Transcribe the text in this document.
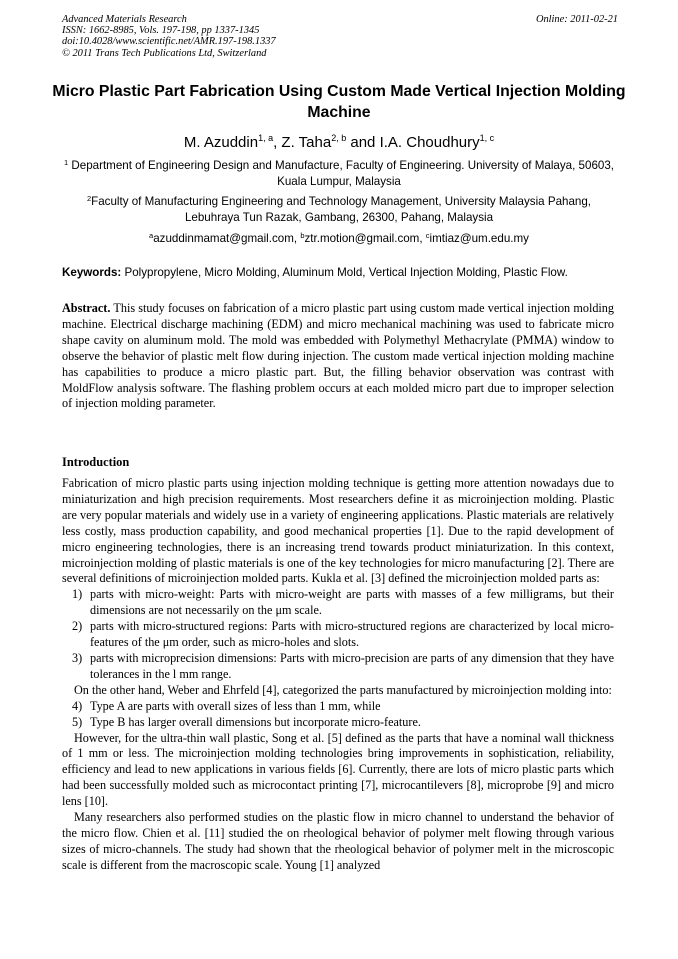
Advanced Materials Research	Online: 2011-02-21
ISSN: 1662-8985, Vols. 197-198, pp 1337-1345
doi:10.4028/www.scientific.net/AMR.197-198.1337
© 2011 Trans Tech Publications Ltd, Switzerland
Micro Plastic Part Fabrication Using Custom Made Vertical Injection Molding Machine
M. Azuddin$^{1, a}$, Z. Taha$^{2, b}$ and I.A. Choudhury$^{1, c}$
$^1$ Department of Engineering Design and Manufacture, Faculty of Engineering. University of Malaya, 50603, Kuala Lumpur, Malaysia
$^2$Faculty of Manufacturing Engineering and Technology Management, University Malaysia Pahang, Lebuhraya Tun Razak, Gambang, 26300, Pahang, Malaysia
$^a$azuddinmamat@gmail.com, $^b$ztr.motion@gmail.com, $^c$imtiaz@um.edu.my
Keywords: Polypropylene, Micro Molding, Aluminum Mold, Vertical Injection Molding, Plastic Flow.
Abstract. This study focuses on fabrication of a micro plastic part using custom made vertical injection molding machine. Electrical discharge machining (EDM) and micro mechanical machining was used to fabricate micro shape cavity on aluminum mold. The mold was embedded with Polymethyl Methacrylate (PMMA) window to observe the behavior of plastic melt flow during injection. The custom made vertical injection molding machine has capabilities to produce a micro plastic part. But, the filling behavior observation was contrast with MoldFlow analysis software. The flashing problem occurs at each molded micro part due to improper selection of injection molding parameter.
Introduction

Fabrication of micro plastic parts using injection molding technique is getting more attention nowadays due to miniaturization and high precision requirements. Most researchers define it as microinjection molding. Plastic are very popular materials and widely use in a variety of engineering applications. Plastic materials are relatively less costly, mass production capability, and good mechanical properties [1]. Due to the rapid development of micro engineering technologies, there is an increasing trend towards product miniaturization. In this context, microinjection molding of plastic materials is one of the key technologies for micro manufacturing [2]. There are several definitions of microinjection molded parts. Kukla et al. [3] defined the microinjection molded parts as:

1) parts with micro-weight: Parts with micro-weight are parts with masses of a few milligrams, but their dimensions are not necessarily on the μm scale.

2) parts with micro-structured regions: Parts with micro-structured regions are characterized by local micro-features of the μm order, such as micro-holes and slots.

3) parts with microprecision dimensions: Parts with micro-precision are parts of any dimension that they have tolerances in the l mm range.

On the other hand, Weber and Ehrfeld [4], categorized the parts manufactured by microinjection molding into:

4) Type A are parts with overall sizes of less than 1 mm, while

5) Type B has larger overall dimensions but incorporate micro-feature.

However, for the ultra-thin wall plastic, Song et al. [5] defined as the parts that have a nominal wall thickness of 1 mm or less. The microinjection molding technologies bring improvements in sophistication, reliability, efficiency and lead to new applications in various fields [6]. Currently, there are lots of micro plastic parts which had been successfully molded such as microcontact printing [7], microcantilevers [8], microprobe [9] and micro lens [10].

Many researchers also performed studies on the plastic flow in micro channel to understand the behavior of the micro flow. Chien et al. [11] studied the on rheological behavior of polymer melt flowing through various sizes of micro-channels. The study had shown that the rheological behavior of polymer melt in the microscopic scale is different from the macroscopic scale. Young [1] analyzed
